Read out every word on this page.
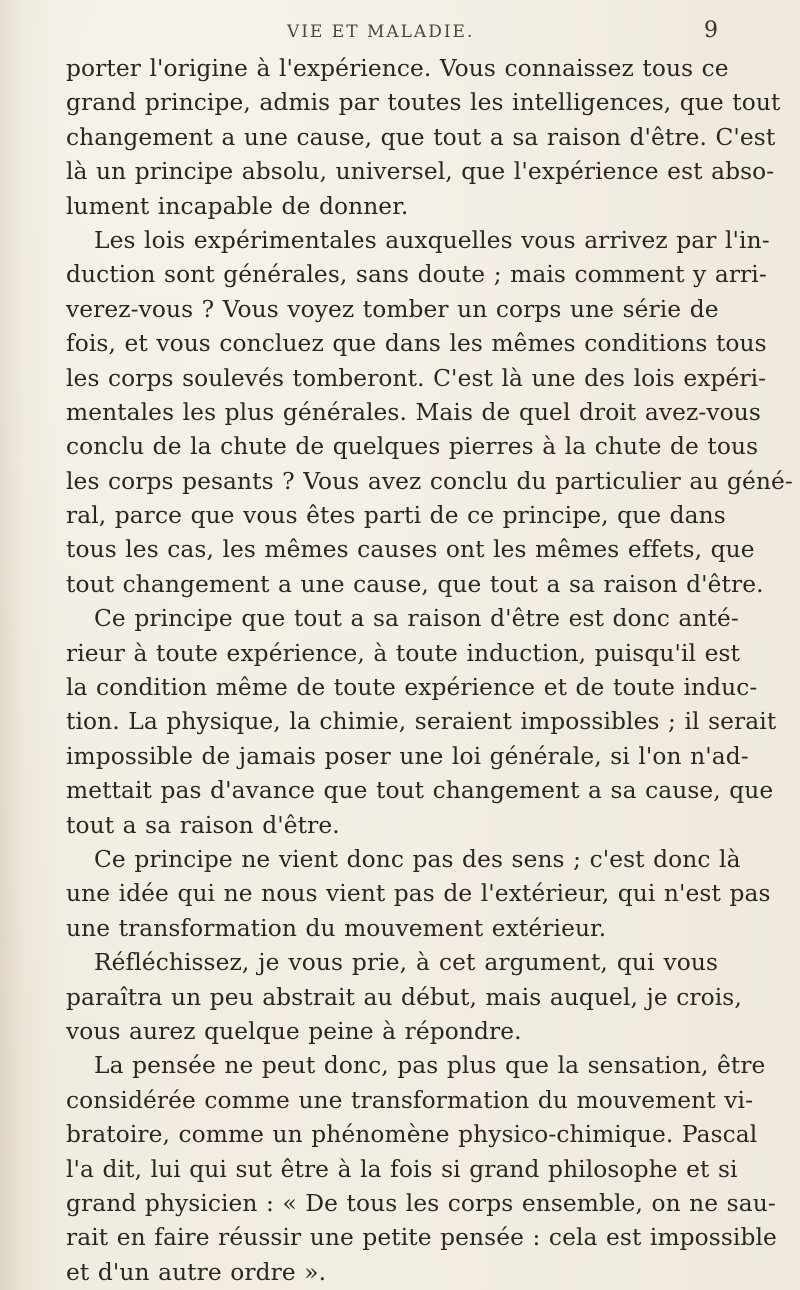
VIE ET MALADIE.	9
porter l'origine à l'expérience. Vous connaissez tous ce
grand principe, admis par toutes les intelligences, que tout
changement a une cause, que tout a sa raison d'être. C'est
là un principe absolu, universel, que l'expérience est abso-
lument incapable de donner.
Les lois expérimentales auxquelles vous arrivez par l'in-
duction sont générales, sans doute ; mais comment y arri-
verez-vous ? Vous voyez tomber un corps une série de
fois, et vous concluez que dans les mêmes conditions tous
les corps soulevés tomberont. C'est là une des lois expéri-
mentales les plus générales. Mais de quel droit avez-vous
conclu de la chute de quelques pierres à la chute de tous
les corps pesants ? Vous avez conclu du particulier au géné-
ral, parce que vous êtes parti de ce principe, que dans
tous les cas, les mêmes causes ont les mêmes effets, que
tout changement a une cause, que tout a sa raison d'être.
Ce principe que tout a sa raison d'être est donc anté-
rieur à toute expérience, à toute induction, puisqu'il est
la condition même de toute expérience et de toute induc-
tion. La physique, la chimie, seraient impossibles ; il serait
impossible de jamais poser une loi générale, si l'on n'ad-
mettait pas d'avance que tout changement a sa cause, que
tout a sa raison d'être.
Ce principe ne vient donc pas des sens ; c'est donc là
une idée qui ne nous vient pas de l'extérieur, qui n'est pas
une transformation du mouvement extérieur.
Réfléchissez, je vous prie, à cet argument, qui vous
paraîtra un peu abstrait au début, mais auquel, je crois,
vous aurez quelque peine à répondre.
La pensée ne peut donc, pas plus que la sensation, être
considérée comme une transformation du mouvement vi-
bratoire, comme un phénomène physico-chimique. Pascal
l'a dit, lui qui sut être à la fois si grand philosophe et si
grand physicien : « De tous les corps ensemble, on ne sau-
rait en faire réussir une petite pensée : cela est impossible
et d'un autre ordre ».
